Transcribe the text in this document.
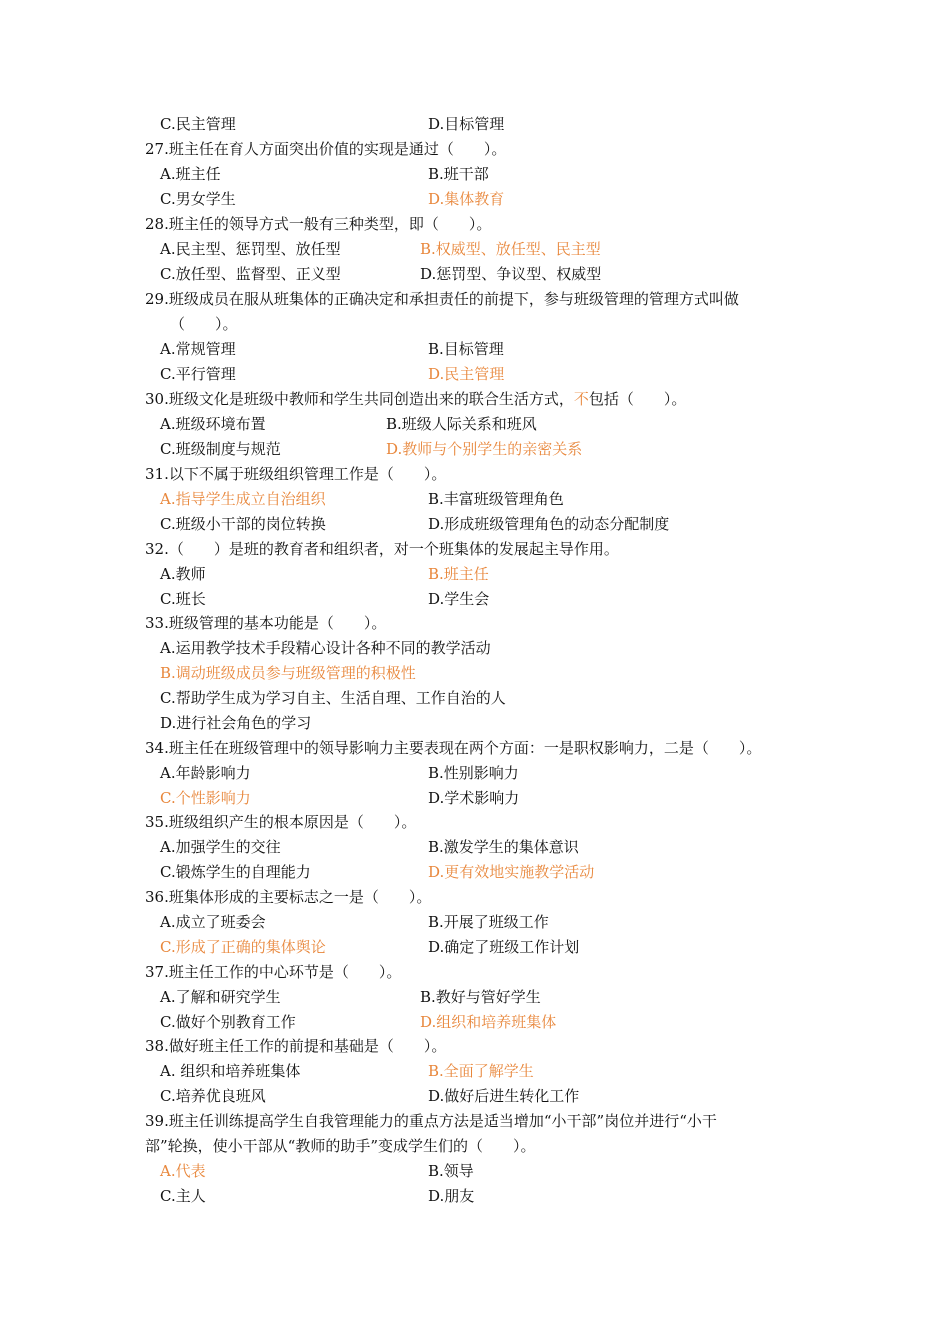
C.民主管理	D.目标管理
27.班主任在育人方面突出价值的实现是通过（　　）。
A.班主任	B.班干部
C.男女学生	D.集体教育
28.班主任的领导方式一般有三种类型，即（　　）。
A.民主型、惩罚型、放任型	B.权威型、放任型、民主型
C.放任型、监督型、正义型	D.惩罚型、争议型、权威型
29.班级成员在服从班集体的正确决定和承担责任的前提下，参与班级管理的管理方式叫做
（　　）。
A.常规管理	B.目标管理
C.平行管理	D.民主管理
30.班级文化是班级中教师和学生共同创造出来的联合生活方式，不包括（　　）。
A.班级环境布置	B.班级人际关系和班风
C.班级制度与规范	D.教师与个别学生的亲密关系
31.以下不属于班级组织管理工作是（　　）。
A.指导学生成立自治组织	B.丰富班级管理角色
C.班级小干部的岗位转换	D.形成班级管理角色的动态分配制度
32.（　　）是班的教育者和组织者，对一个班集体的发展起主导作用。
A.教师	B.班主任
C.班长	D.学生会
33.班级管理的基本功能是（　　）。
A.运用教学技术手段精心设计各种不同的教学活动
B.调动班级成员参与班级管理的积极性
C.帮助学生成为学习自主、生活自理、工作自治的人
D.进行社会角色的学习
34.班主任在班级管理中的领导影响力主要表现在两个方面：一是职权影响力，二是（　　）。
A.年龄影响力	B.性别影响力
C.个性影响力	D.学术影响力
35.班级组织产生的根本原因是（　　）。
A.加强学生的交往	B.激发学生的集体意识
C.锻炼学生的自理能力	D.更有效地实施教学活动
36.班集体形成的主要标志之一是（　　）。
A.成立了班委会	B.开展了班级工作
C.形成了正确的集体舆论	D.确定了班级工作计划
37.班主任工作的中心环节是（　　）。
A.了解和研究学生	B.教好与管好学生
C.做好个别教育工作	D.组织和培养班集体
38.做好班主任工作的前提和基础是（　　）。
A. 组织和培养班集体	B.全面了解学生
C.培养优良班风	D.做好后进生转化工作
39.班主任训练提高学生自我管理能力的重点方法是适当增加“小干部”岗位并进行“小干
部”轮换，使小干部从“教师的助手”变成学生们的（　　）。
A.代表	B.领导
C.主人	D.朋友
